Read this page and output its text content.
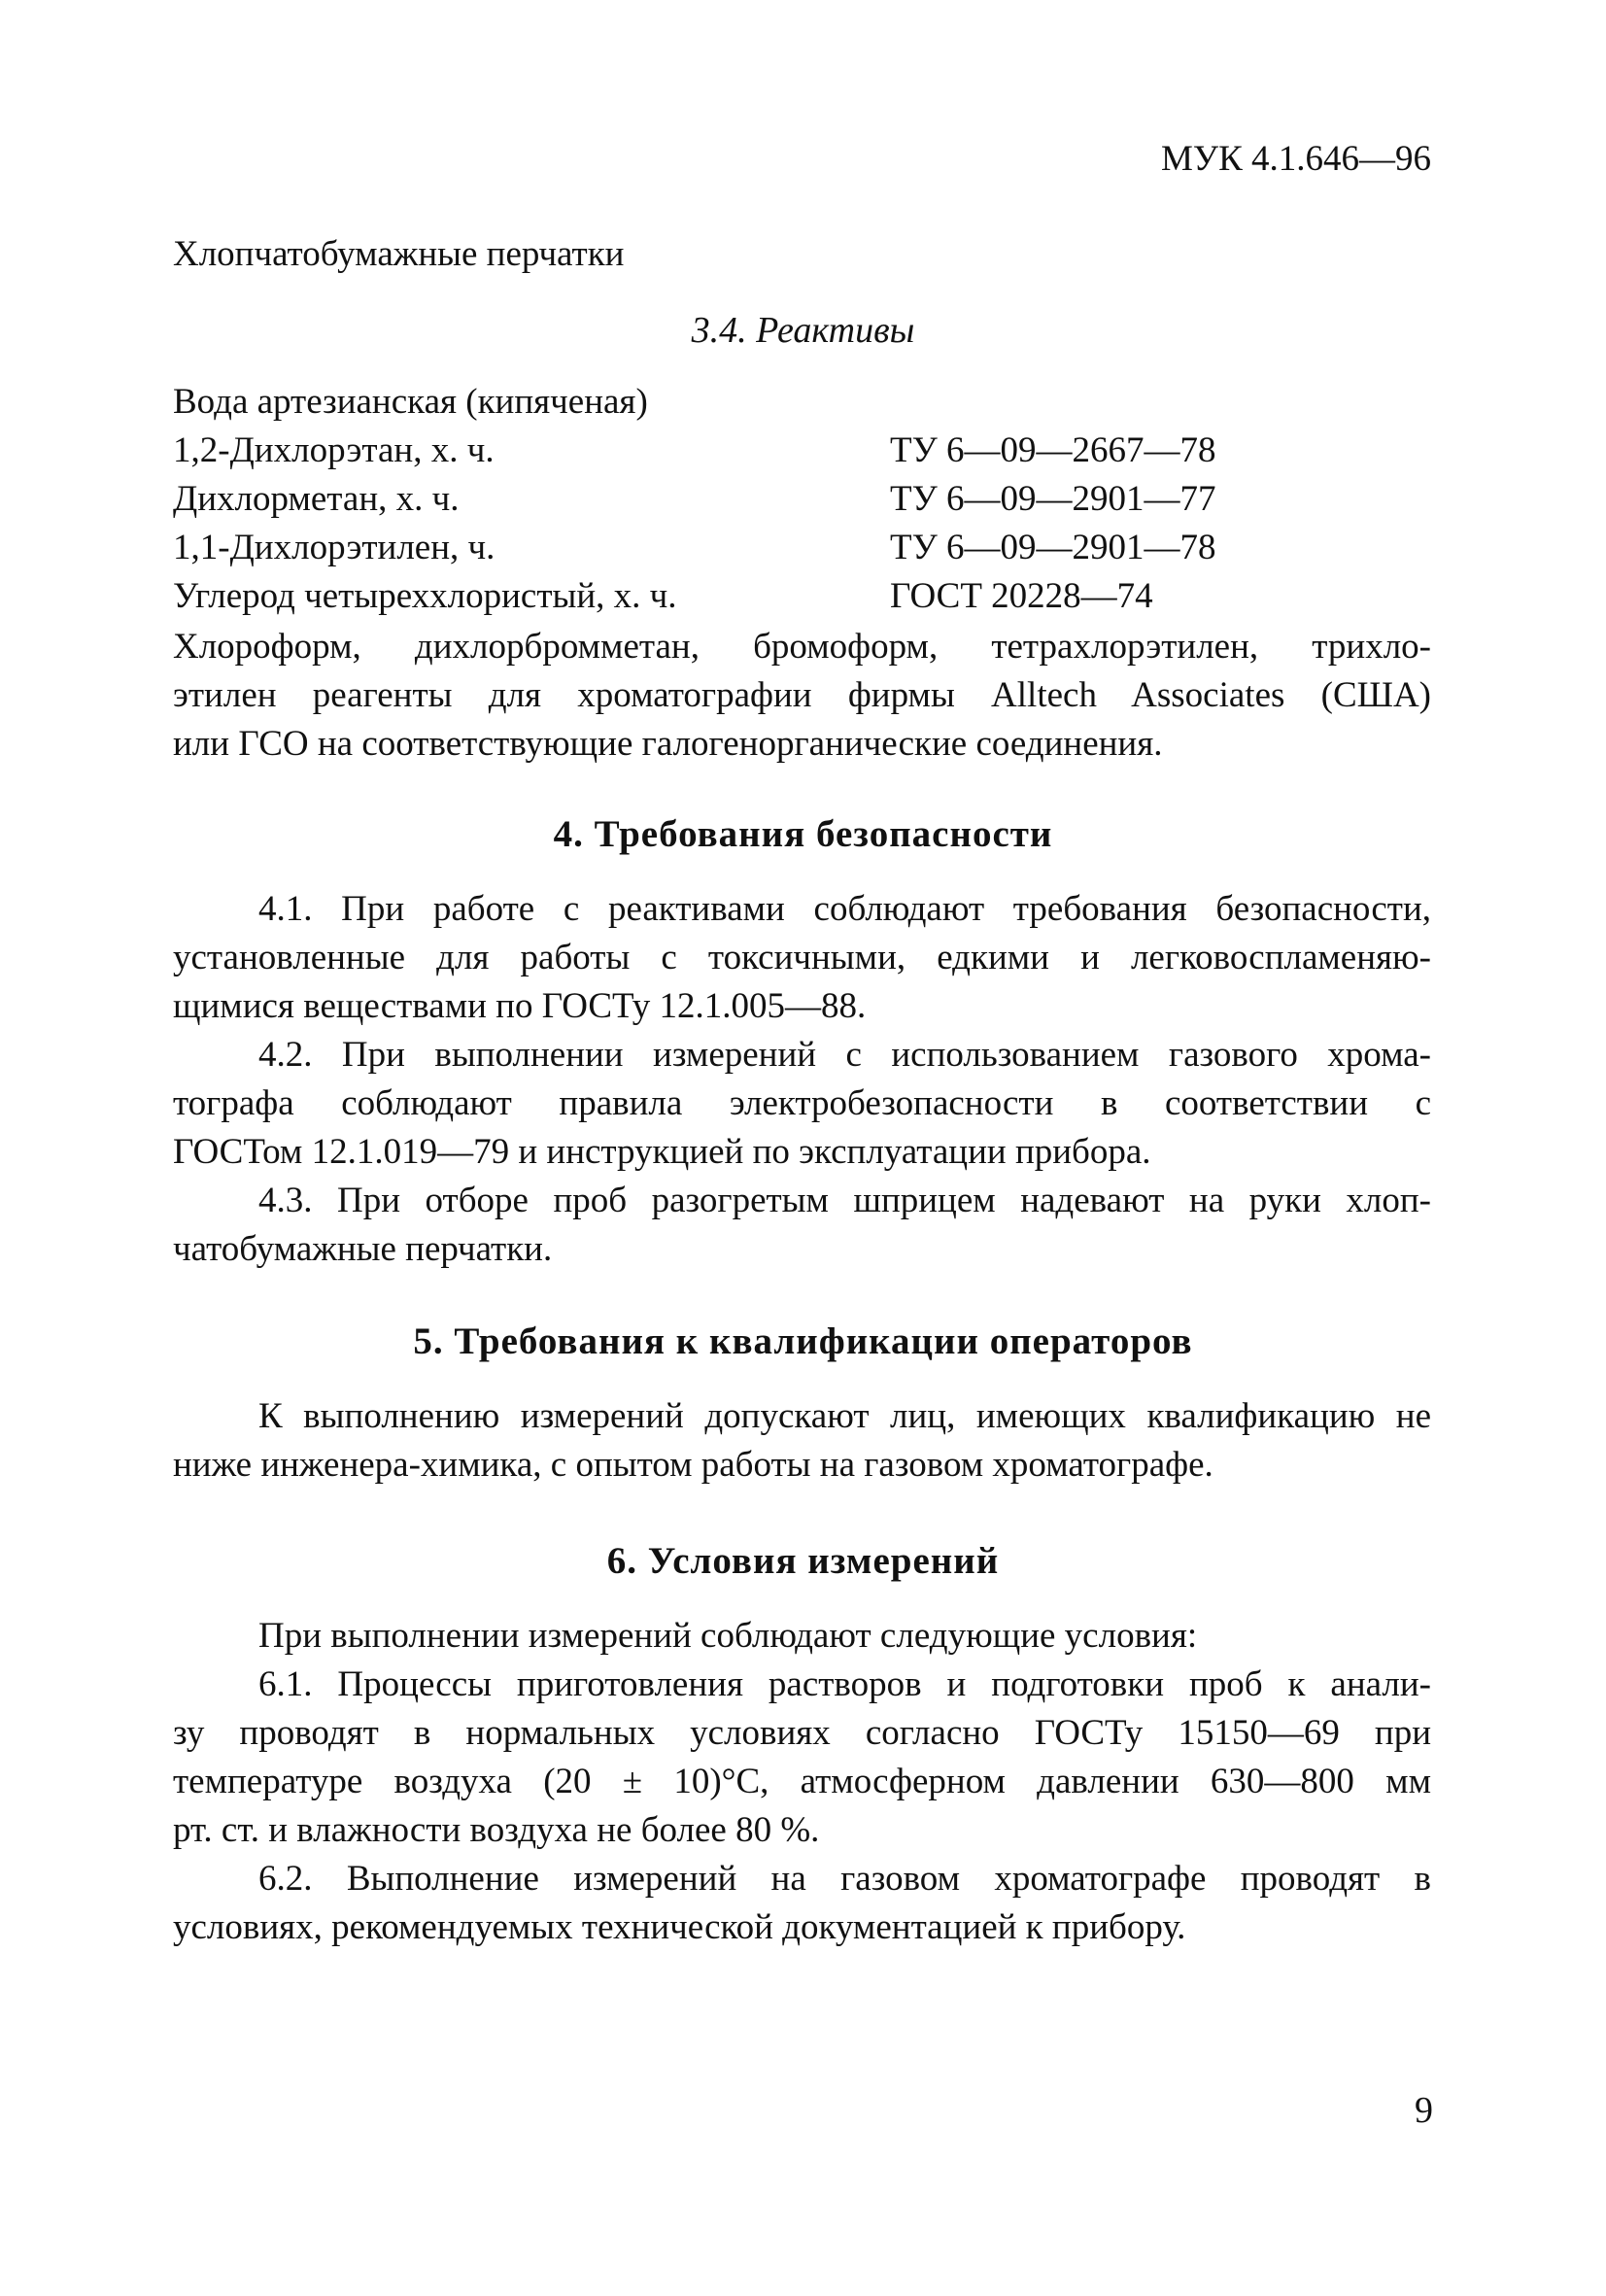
МУК 4.1.646—96
Хлопчатобумажные перчатки
3.4. Реактивы
Вода артезианская (кипяченая)
1,2-Дихлорэтан, х. ч.	ТУ 6—09—2667—78
Дихлорметан, х. ч.	ТУ 6—09—2901—77
1,1-Дихлорэтилен, ч.	ТУ 6—09—2901—78
Углерод четыреххлористый, х. ч.	ГОСТ 20228—74
Хлороформ, дихлорбромметан, бромоформ, тетрахлорэтилен, трихло-
этилен реагенты для хроматографии фирмы Alltech Associates (США)
или ГСО на соответствующие галогенорганические соединения.
4. Требования безопасности
4.1. При работе с реактивами соблюдают требования безопасности,
установленные для работы с токсичными, едкими и легковоспламеняю-
щимися веществами по ГОСТу 12.1.005—88.
4.2. При выполнении измерений с использованием газового хрома-
тографа соблюдают правила электробезопасности в соответствии с
ГОСТом 12.1.019—79 и инструкцией по эксплуатации прибора.
4.3. При отборе проб разогретым шприцем надевают на руки хлоп-
чатобумажные перчатки.
5. Требования к квалификации операторов
К выполнению измерений допускают лиц, имеющих квалификацию не
ниже инженера-химика, с опытом работы на газовом хроматографе.
6. Условия измерений
При выполнении измерений соблюдают следующие условия:
6.1. Процессы приготовления растворов и подготовки проб к анали-
зу проводят в нормальных условиях согласно ГОСТу 15150—69 при
температуре воздуха (20 ± 10)°С, атмосферном давлении 630—800 мм
рт. ст. и влажности воздуха не более 80 %.
6.2. Выполнение измерений на газовом хроматографе проводят в
условиях, рекомендуемых технической документацией к прибору.
9
